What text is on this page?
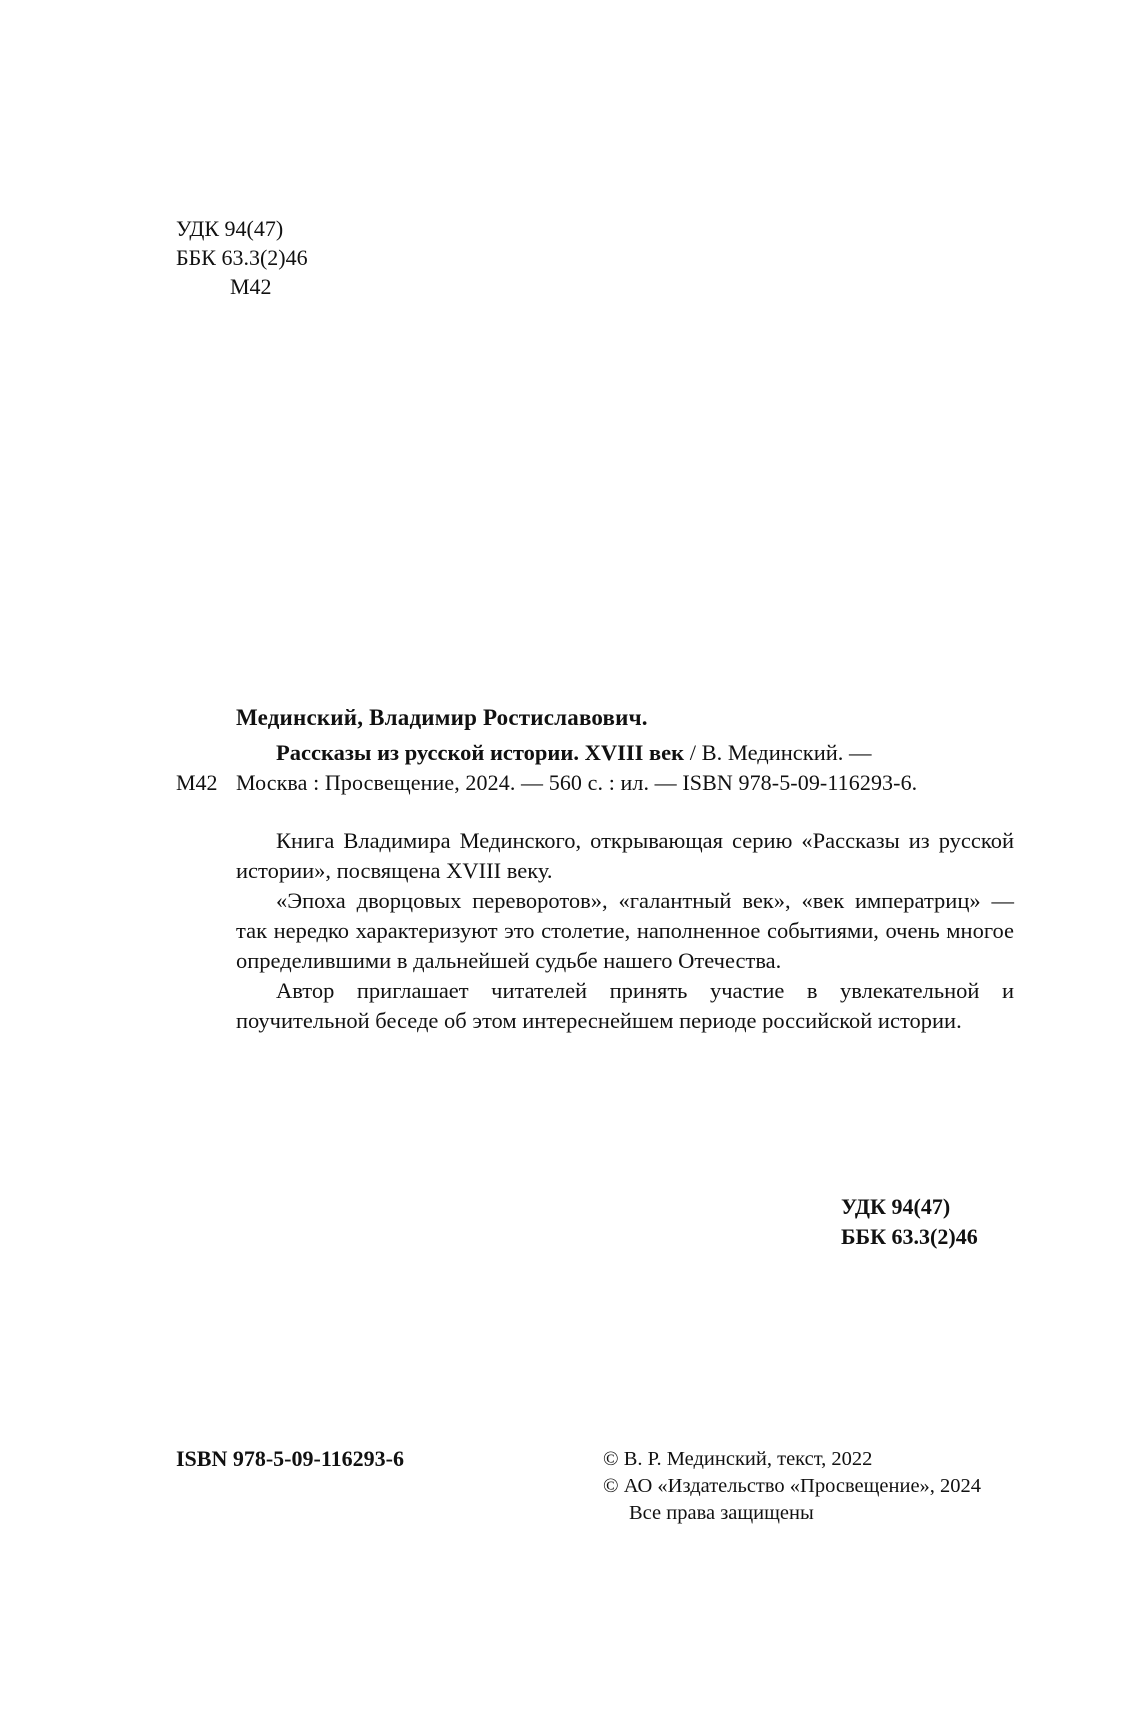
УДК 94(47)
ББК 63.3(2)46
М42
Мединский, Владимир Ростиславович.
Рассказы из русской истории. XVIII век / В. Мединский. —
М42 Москва : Просвещение, 2024. — 560 с. : ил. — ISBN 978-5-09-116293-6.

Книга Владимира Мединского, открывающая серию «Рассказы из русской истории», посвящена XVIII веку.

«Эпоха дворцовых переворотов», «галантный век», «век императриц» — так нередко характеризуют это столетие, наполненное событиями, очень многое определившими в дальнейшей судьбе нашего Отечества.

Автор приглашает читателей принять участие в увлекательной и поучительной беседе об этом интереснейшем периоде российской истории.

УДК 94(47)
ББК 63.3(2)46
ISBN 978-5-09-116293-6	© В. Р. Мединский, текст, 2022
© АО «Издательство «Просвещение», 2024
Все права защищены
